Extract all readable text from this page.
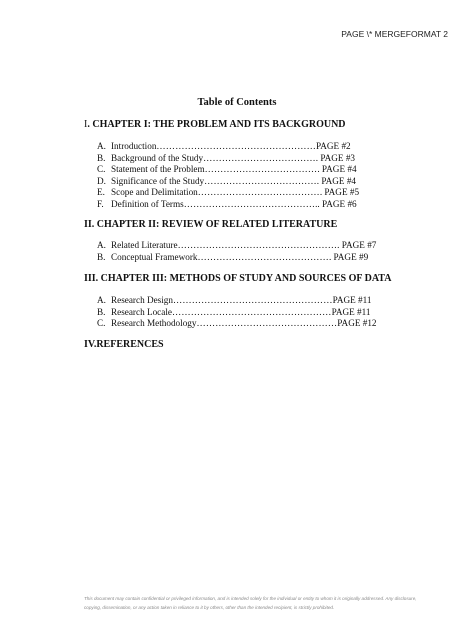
PAGE \* MERGEFORMAT 2
Table of Contents
I. CHAPTER I: THE PROBLEM AND ITS BACKGROUND
A. Introduction …………………………………………… PAGE #2
B. Background of the Study ……………………………… . PAGE #3
C. Statement of the Problem ……………………………… . PAGE #4
D. Significance of the Study ……………………………… . PAGE #4
E. Scope and Delimitation ………………………………… . PAGE #5
F. Definition of Terms …………………………………… .. PAGE #6
II. CHAPTER II: REVIEW OF RELATED LITERATURE
A. Related Literature …………………………………………… . PAGE #7
B. Conceptual Framework …………………………………… . PAGE #9
III. CHAPTER III: METHODS OF STUDY AND SOURCES OF DATA
A. Research Design …………………………………………… PAGE #11
B. Research Locale …………………………………………… PAGE #11
C. Research Methodology ……………………………………… PAGE #12
IV.REFERENCES
This document may contain confidential or privileged information, and is intended solely for the individual or entity to whom it is originally addressed. Any disclosure,
copying, dissemination, or any action taken in reliance to it by others, other than the intended recipient, is strictly prohibited.
